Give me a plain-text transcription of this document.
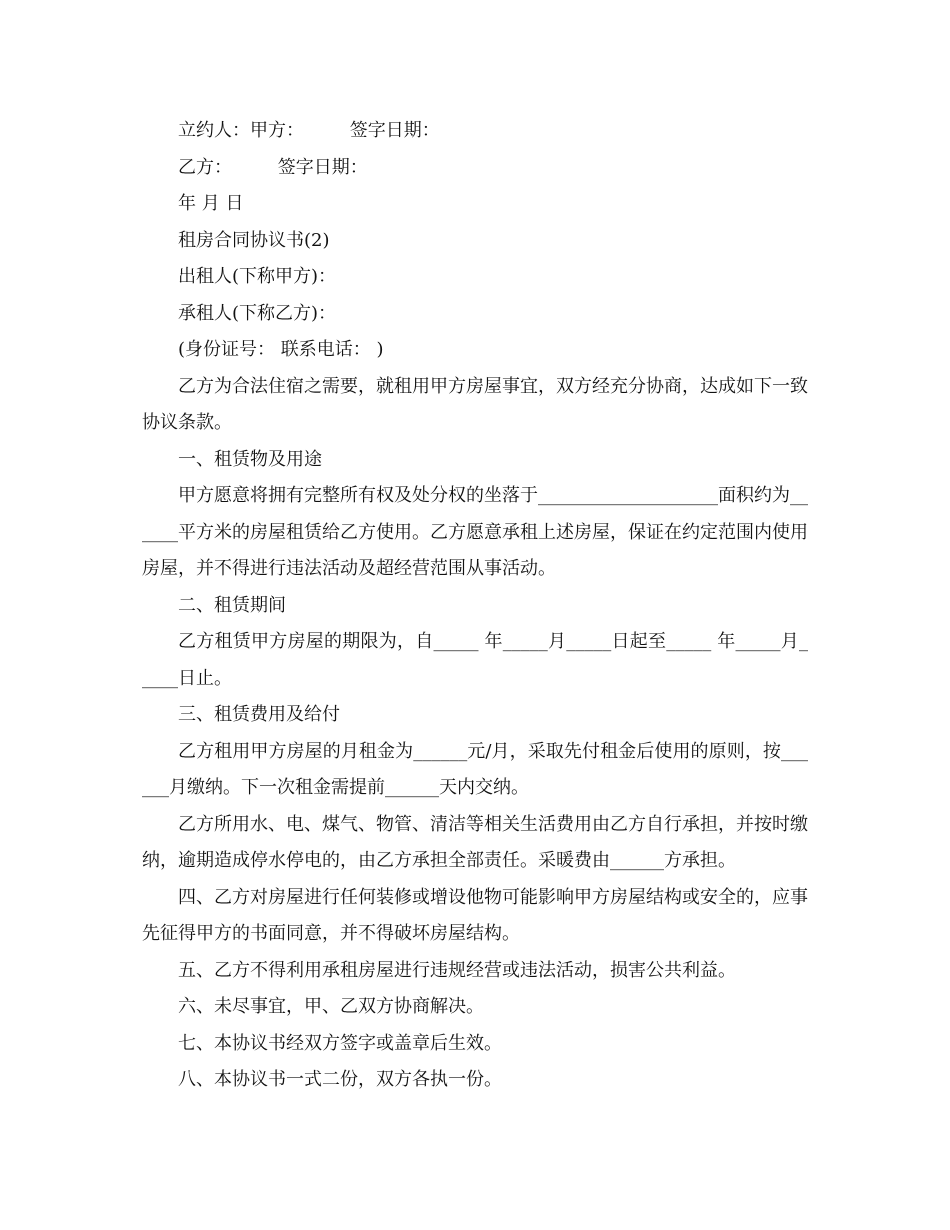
立约人：甲方：        签字日期：

乙方：        签字日期：

年 月 日

租房合同协议书(2)

出租人(下称甲方)：

承租人(下称乙方)：

(身份证号： 联系电话： )

乙方为合法住宿之需要，就租用甲方房屋事宜，双方经充分协商，达成如下一致协议条款。

一、租赁物及用途

甲方愿意将拥有完整所有权及处分权的坐落于____________________面积约为______平方米的房屋租赁给乙方使用。乙方愿意承租上述房屋，保证在约定范围内使用房屋，并不得进行违法活动及超经营范围从事活动。

二、租赁期间

乙方租赁甲方房屋的期限为，自_____ 年_____月_____日起至_____ 年_____月_____日止。

三、租赁费用及给付

乙方租用甲方房屋的月租金为______元/月，采取先付租金后使用的原则，按______月缴纳。下一次租金需提前______天内交纳。

乙方所用水、电、煤气、物管、清洁等相关生活费用由乙方自行承担，并按时缴纳，逾期造成停水停电的，由乙方承担全部责任。采暖费由______方承担。

四、乙方对房屋进行任何装修或增设他物可能影响甲方房屋结构或安全的，应事先征得甲方的书面同意，并不得破坏房屋结构。

五、乙方不得利用承租房屋进行违规经营或违法活动，损害公共利益。

六、未尽事宜，甲、乙双方协商解决。

七、本协议书经双方签字或盖章后生效。

八、本协议书一式二份，双方各执一份。
